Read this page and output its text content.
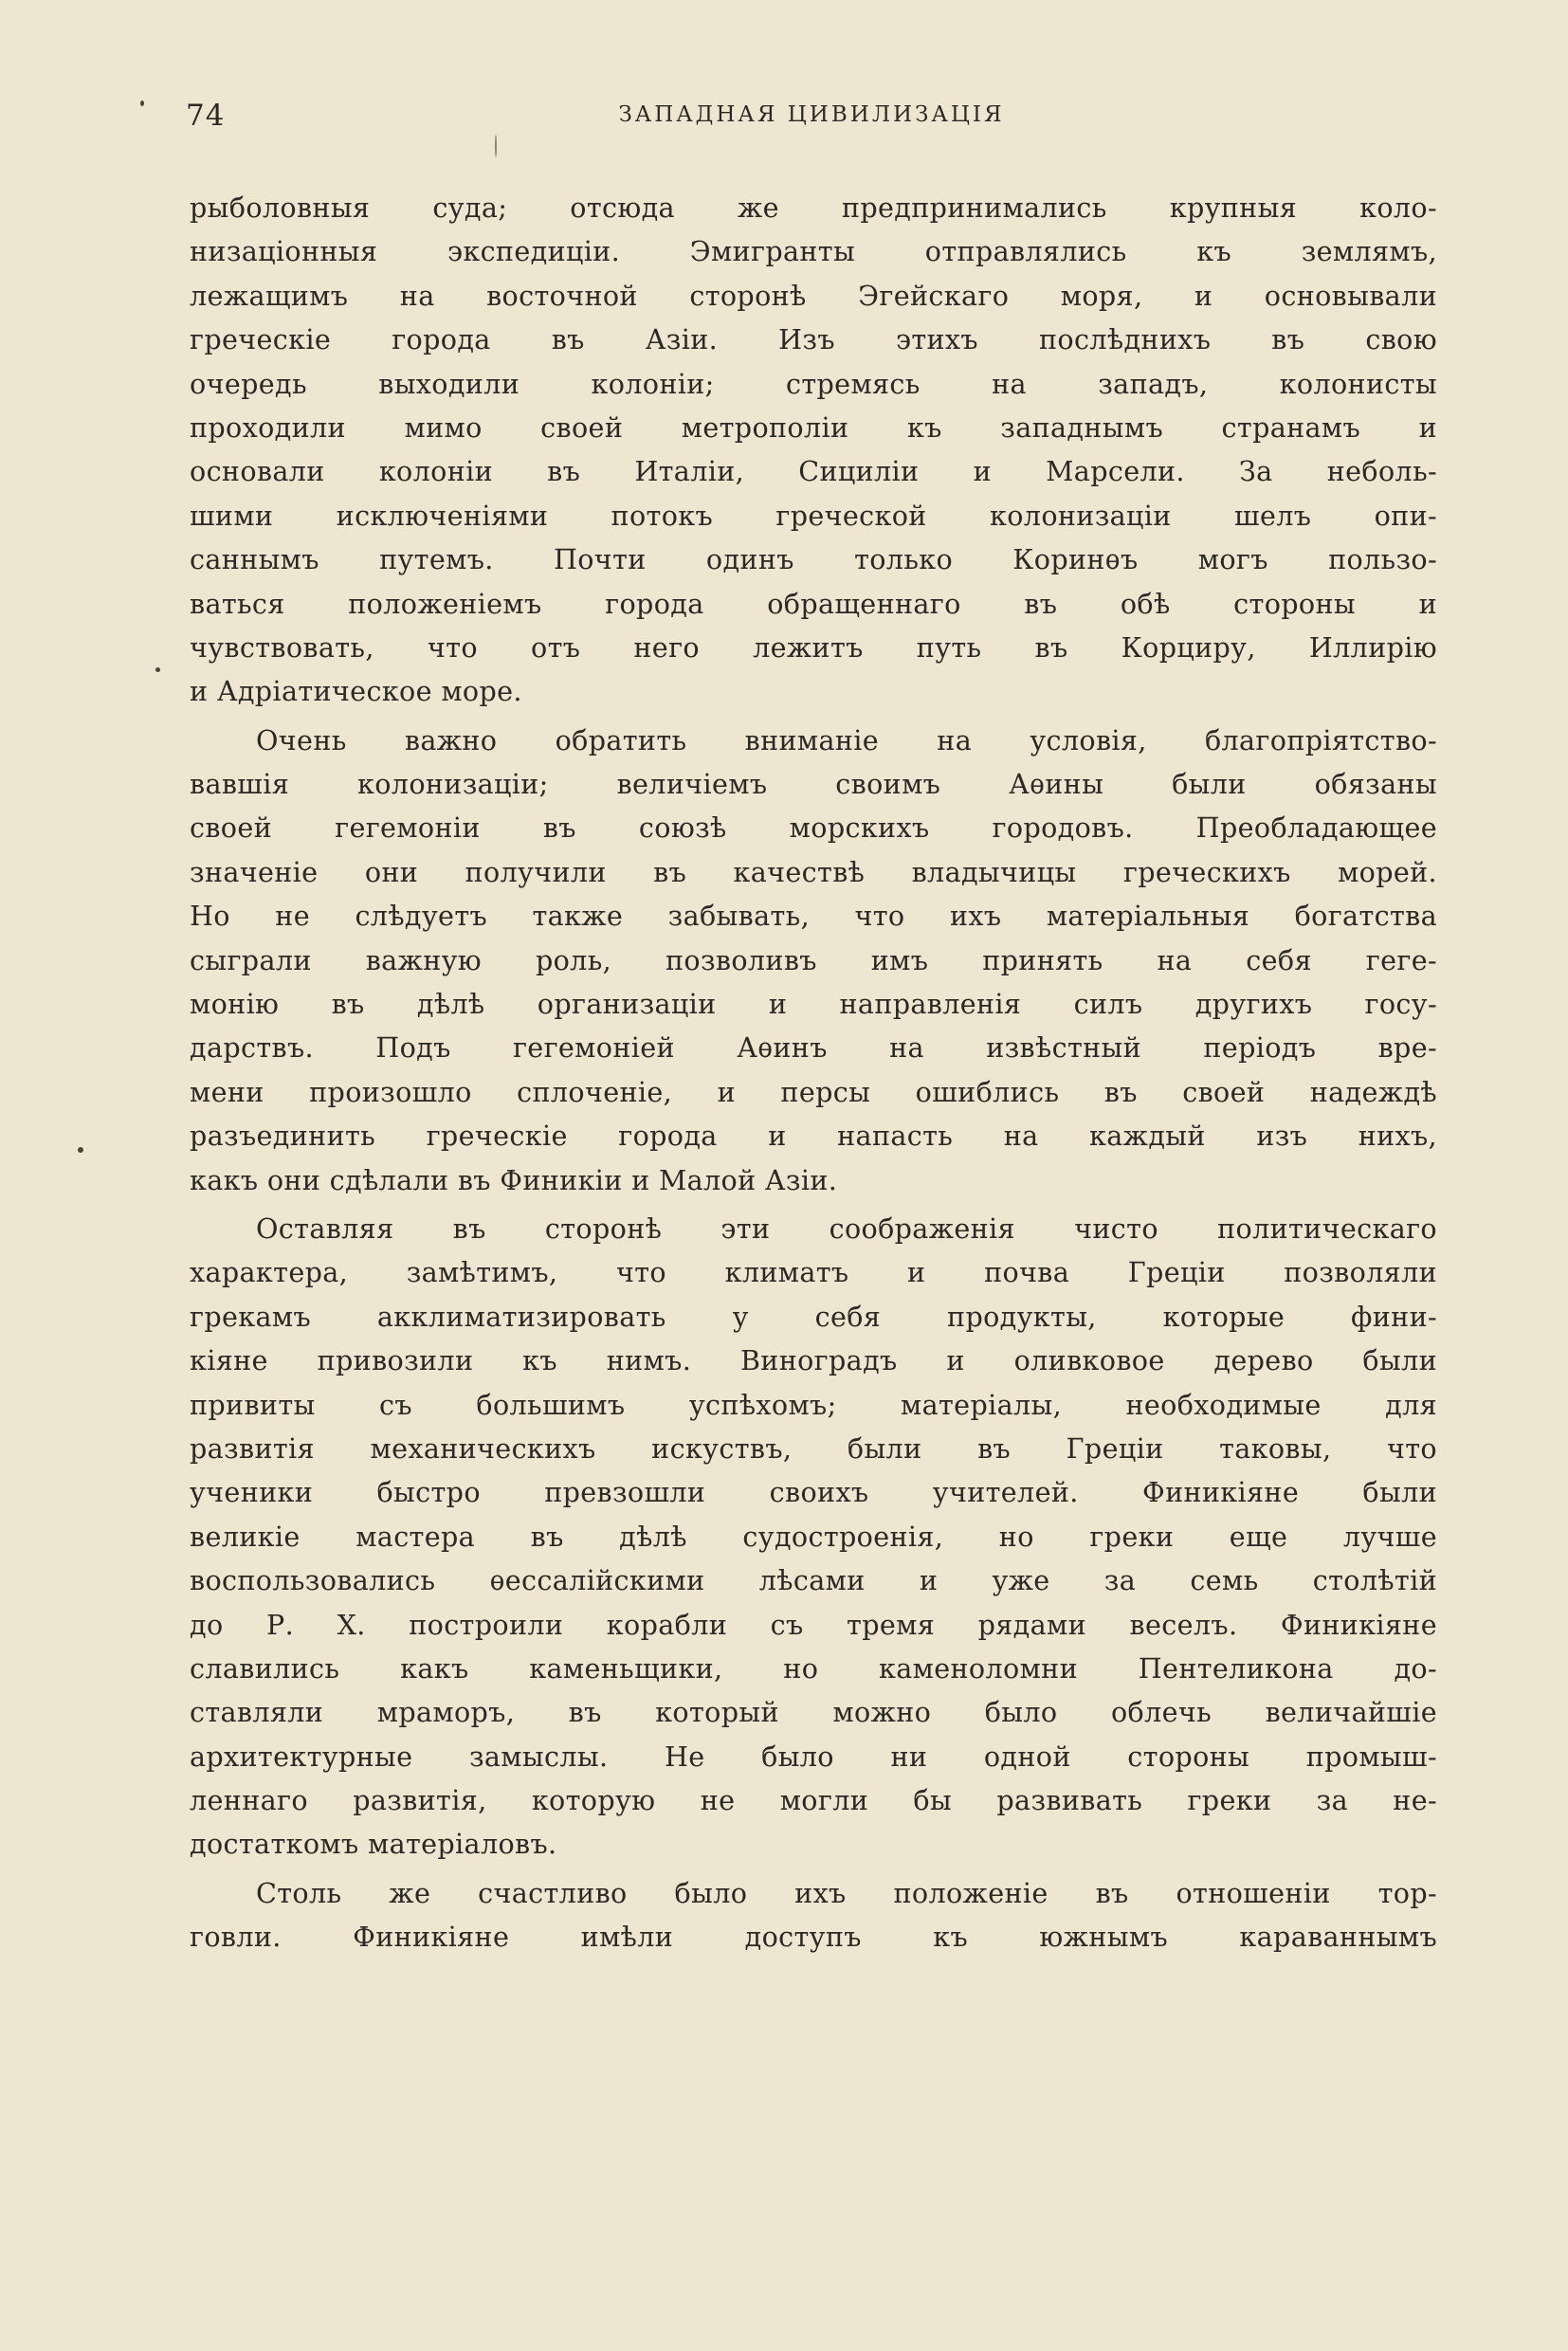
74	ЗАПАДНАЯ ЦИВИЛИЗАЦІЯ
рыболовныя суда; отсюда же предпринимались крупныя коло-
низаціонныя экспедиціи. Эмигранты отправлялись къ землямъ,
лежащимъ на восточной сторонѣ Эгейскаго моря, и основывали
греческіе города въ Азіи. Изъ этихъ послѣднихъ въ свою
очередь выходили колоніи; стремясь на западъ, колонисты
проходили мимо своей метрополіи къ западнымъ странамъ и
основали колоніи въ Италіи, Сициліи и Марсели. За неболь-
шими исключеніями потокъ греческой колонизаціи шелъ опи-
саннымъ путемъ. Почти одинъ только Коринѳъ могъ пользо-
ваться положеніемъ города обращеннаго въ обѣ стороны и
чувствовать, что отъ него лежитъ путь въ Корциру, Иллирію
и Адріатическое море.
Очень важно обратить вниманіе на условія, благопріятство-
вавшія колонизаціи; величіемъ своимъ Аѳины были обязаны
своей гегемоніи въ союзѣ морскихъ городовъ. Преобладающее
значеніе они получили въ качествѣ владычицы греческихъ морей.
Но не слѣдуетъ также забывать, что ихъ матеріальныя богатства
сыграли важную роль, позволивъ имъ принять на себя геге-
монію въ дѣлѣ организаціи и направленія силъ другихъ госу-
дарствъ. Подъ гегемоніей Аѳинъ на извѣстный періодъ вре-
мени произошло сплоченіе, и персы ошиблись въ своей надеждѣ
разъединить греческіе города и напасть на каждый изъ нихъ,
какъ они сдѣлали въ Финикіи и Малой Азіи.
Оставляя въ сторонѣ эти соображенія чисто политическаго
характера, замѣтимъ, что климатъ и почва Греціи позволяли
грекамъ акклиматизировать у себя продукты, которые фини-
кіяне привозили къ нимъ. Виноградъ и оливковое дерево были
привиты съ большимъ успѣхомъ; матеріалы, необходимые для
развитія механическихъ искуствъ, были въ Греціи таковы, что
ученики быстро превзошли своихъ учителей. Финикіяне были
великіе мастера въ дѣлѣ судостроенія, но греки еще лучше
воспользовались ѳессалійскими лѣсами и уже за семь столѣтій
до Р. Х. построили корабли съ тремя рядами веселъ. Финикіяне
славились какъ каменьщики, но каменоломни Пентеликона до-
ставляли мраморъ, въ который можно было облечь величайшіе
архитектурные замыслы. Не было ни одной стороны промыш-
леннаго развитія, которую не могли бы развивать греки за не-
достаткомъ матеріаловъ.
Столь же счастливо было ихъ положеніе въ отношеніи тор-
говли. Финикіяне имѣли доступъ къ южнымъ караваннымъ
